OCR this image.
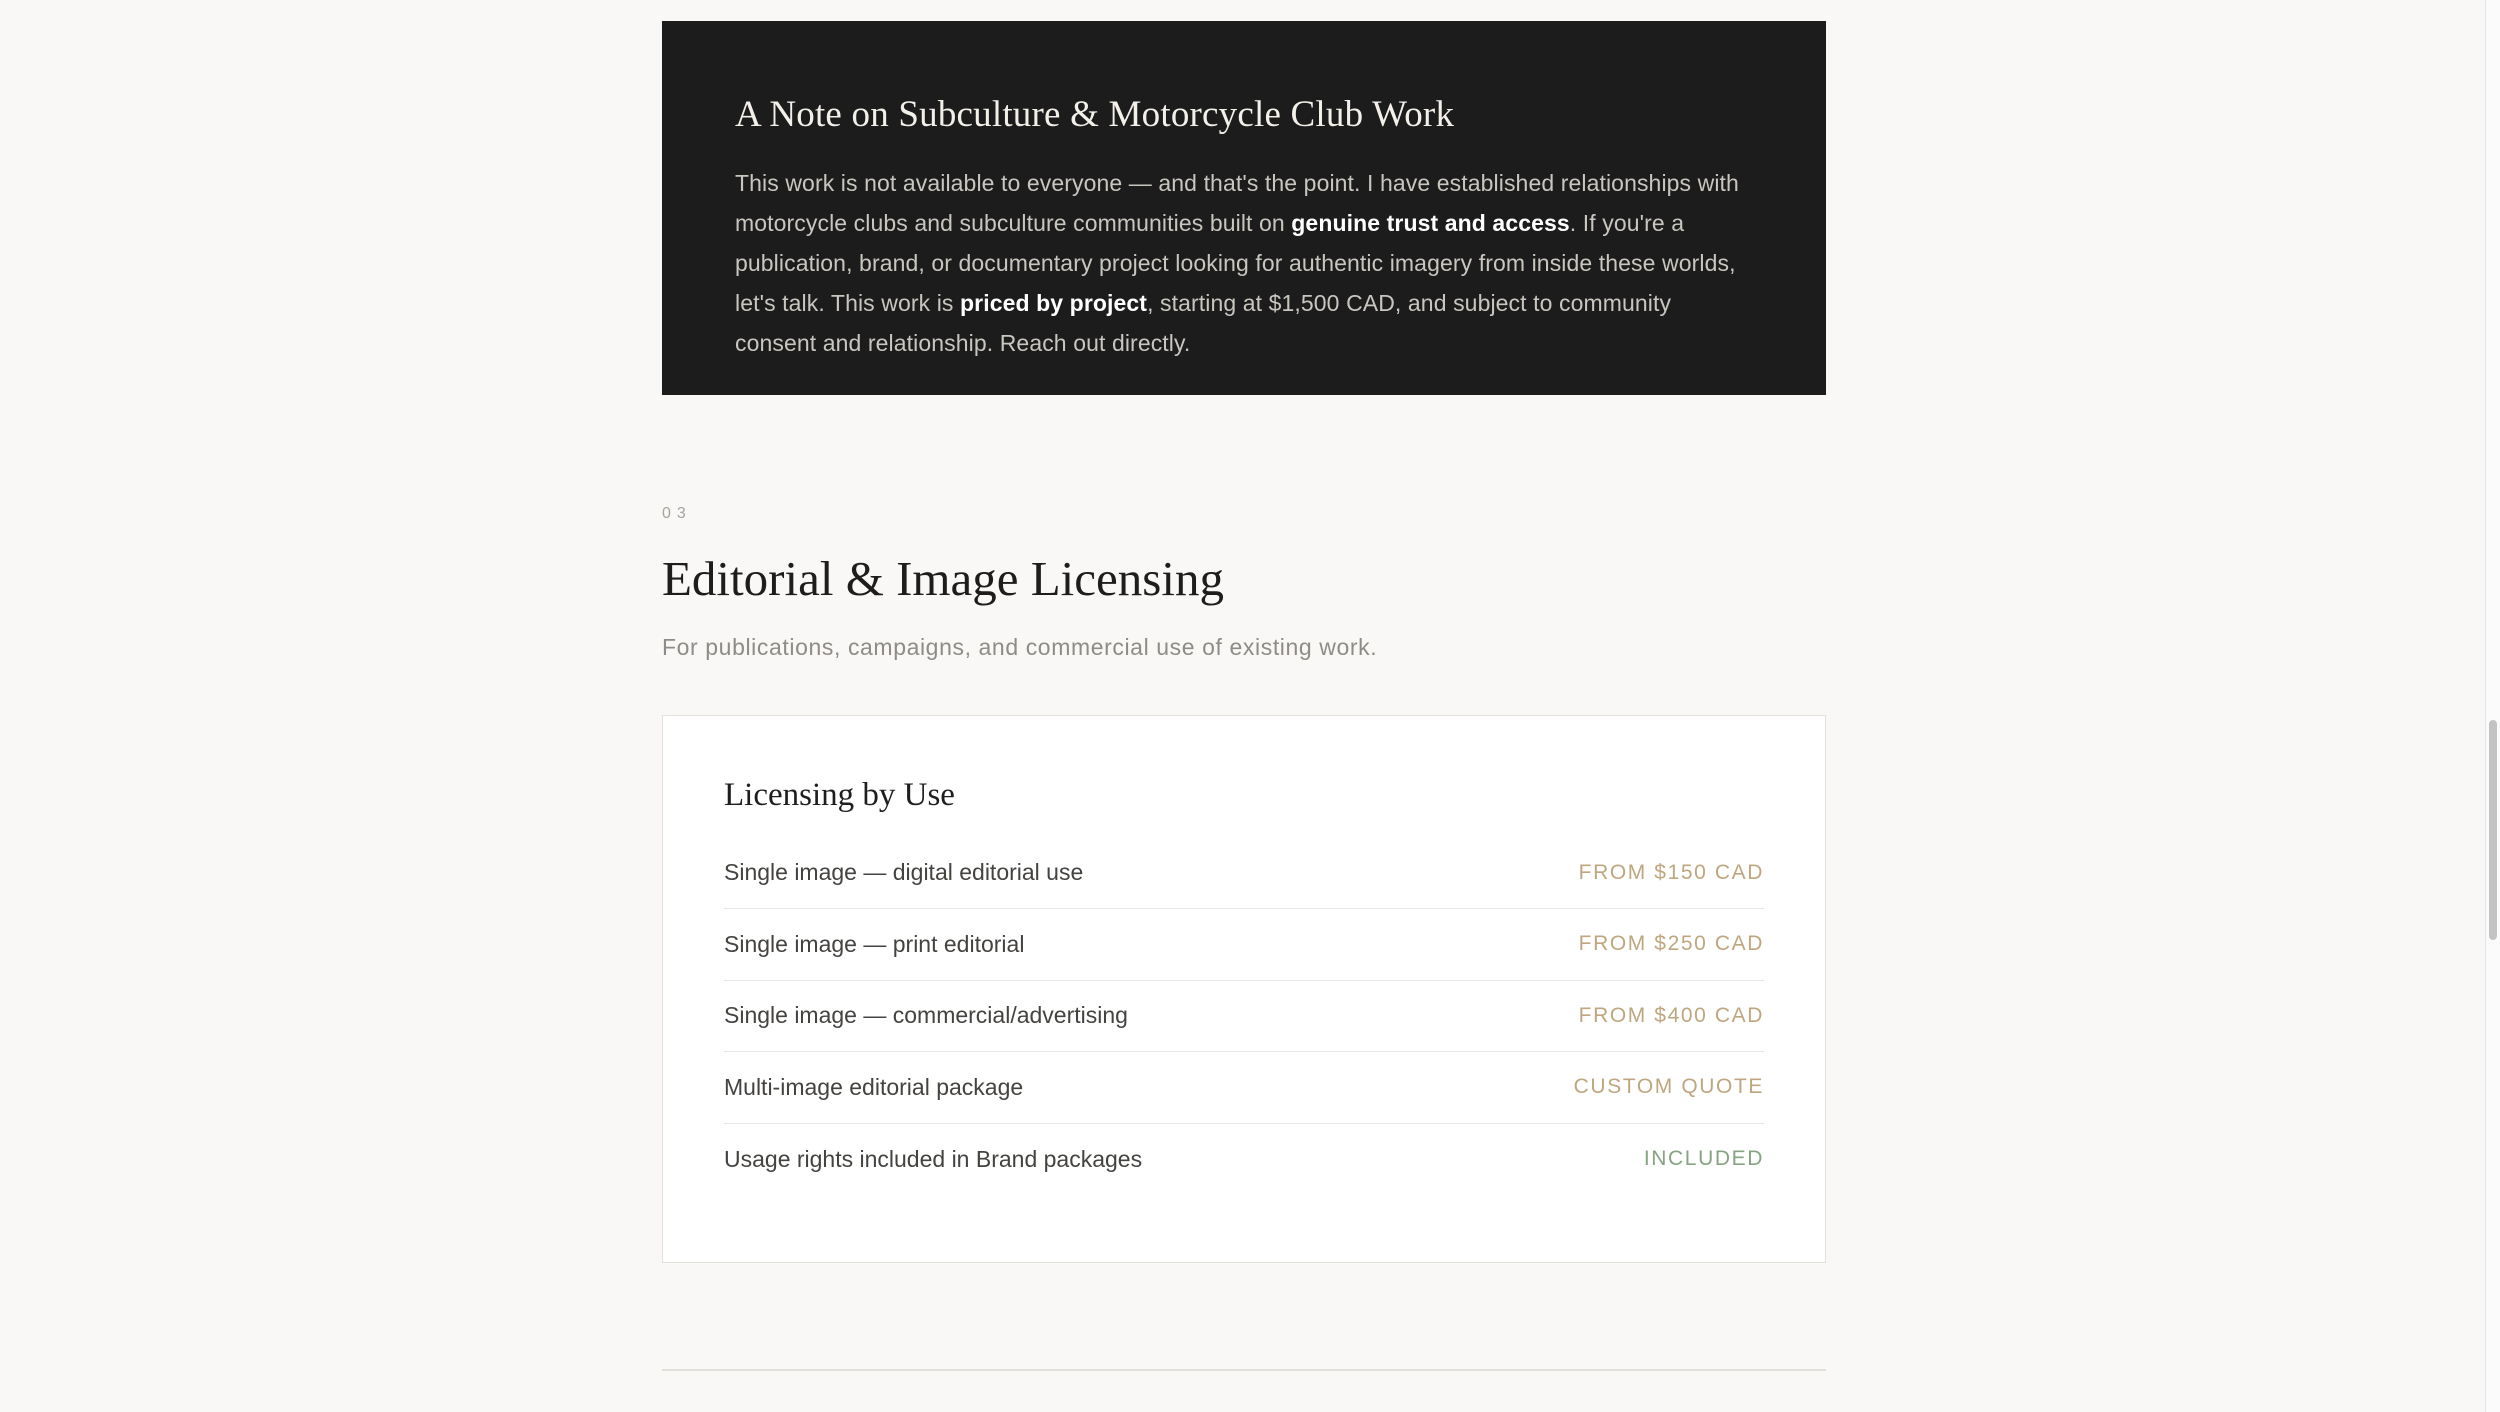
A Note on Subculture & Motorcycle Club Work

This work is not available to everyone — and that's the point. I have established relationships with motorcycle clubs and subculture communities built on genuine trust and access. If you're a publication, brand, or documentary project looking for authentic imagery from inside these worlds, let's talk. This work is priced by project, starting at $1,500 CAD, and subject to community consent and relationship. Reach out directly.

03
Editorial & Image Licensing

For publications, campaigns, and commercial use of existing work.

Licensing by Use
Single image — digital editorial use	FROM $150 CAD
Single image — print editorial	FROM $250 CAD
Single image — commercial/advertising	FROM $400 CAD
Multi-image editorial package	CUSTOM QUOTE
Usage rights included in Brand packages	INCLUDED
